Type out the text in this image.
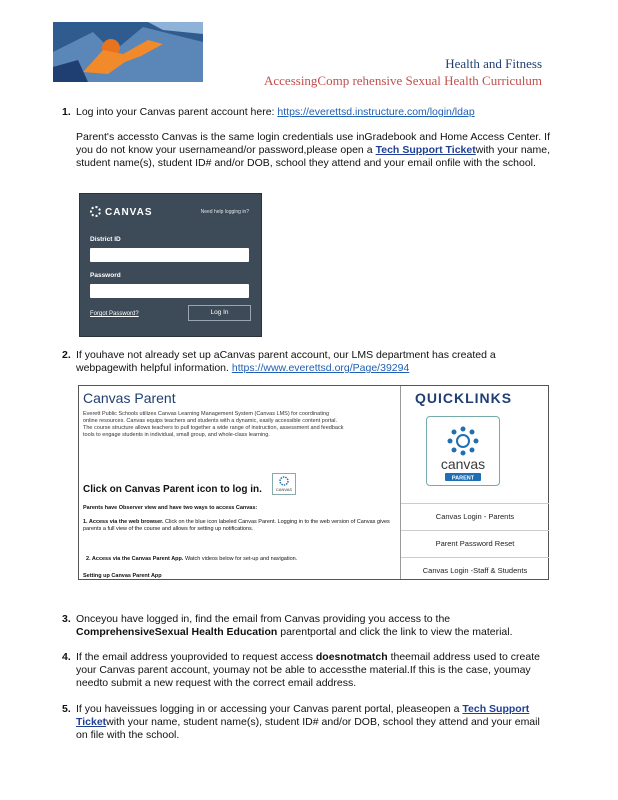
Health and Fitness
AccessingComp rehensive Sexual Health Curriculum
1. Log into your Canvas parent account here: https://everettsd.instructure.com/login/ldap
Parent's accessto Canvas is the same login credentials use inGradebook and Home Access Center. If you do not know your usernameand/or password,please open a Tech Support Ticketwith your name, student name(s), student ID# and/or DOB, school they attend and your email onfile with the school.
CANVAS	Need help logging in?
District ID
Password
Forgot Password?	Log In
2. If youhave not already set up aCanvas parent account, our LMS department has created a webpagewith helpful information. https://www.everettsd.org/Page/39294
Canvas Parent
Everett Public Schools utilizes Canvas Learning Management System (Canvas LMS) for coordinating online resources. Canvas equips teachers and students with a dynamic, easily accessible content portal. The course structure allows teachers to pull together a wide range of instruction, assessment and feedback tools to engage students in individual, small group, and whole-class learning.
Click on Canvas Parent icon to log in.	CANVAS
Parents have Observer view and have two ways to access Canvas:
1. Access via the web browser. Click on the blue icon labeled Canvas Parent. Logging in to the web version of Canvas gives parents a full view of the course and allows for setting up notifications.
2. Access via the Canvas Parent App. Watch videos below for set-up and navigation.
Setting up Canvas Parent App
QUICKLINKS
canvas
PARENT
Canvas Login - Parents
Parent Password Reset
Canvas Login -Staff & Students
3. Onceyou have logged in, find the email from Canvas providing you access to the ComprehensiveSexual Health Education parentportal and click the link to view the material.
4. If the email address youprovided to request access doesnotmatch theemail address used to create your Canvas parent account, youmay not be able to accessthe material.If this is the case, youmay needto submit a new request with the correct email address.
5. If you haveissues logging in or accessing your Canvas parent portal, pleaseopen a Tech Support Ticketwith your name, student name(s), student ID# and/or DOB, school they attend and your email on file with the school.
